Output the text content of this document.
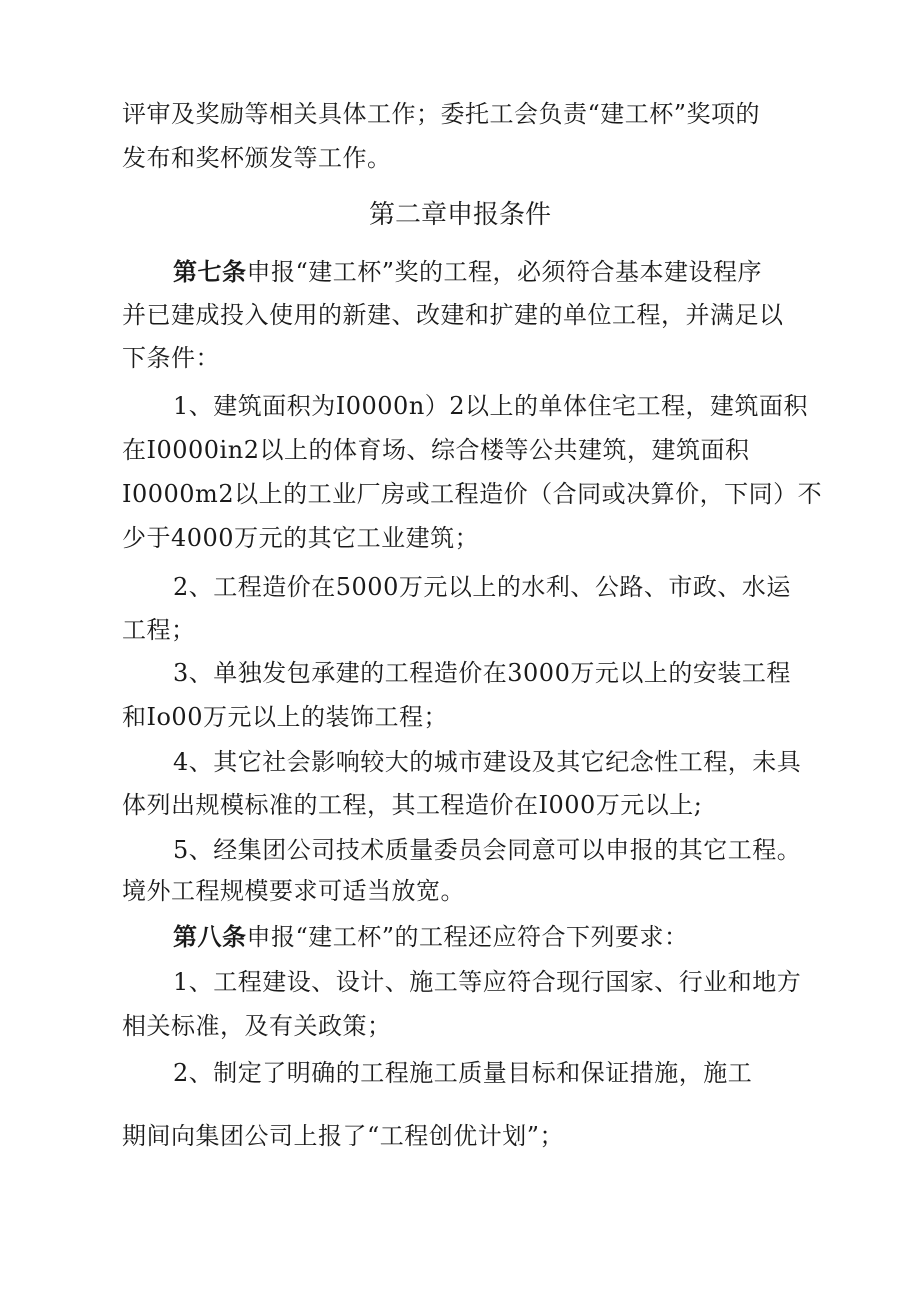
评审及奖励等相关具体工作；委托工会负责“建工杯”奖项的
发布和奖杯颁发等工作。
第二章申报条件
第七条申报“建工杯”奖的工程，必须符合基本建设程序
并已建成投入使用的新建、改建和扩建的单位工程，并满足以
下条件：
1、建筑面积为I0000n）2以上的单体住宅工程，建筑面积
在I0000in2以上的体育场、综合楼等公共建筑，建筑面积
I0000m2以上的工业厂房或工程造价（合同或决算价，下同）不
少于4000万元的其它工业建筑；
2、工程造价在5000万元以上的水利、公路、市政、水运
工程；
3、单独发包承建的工程造价在3000万元以上的安装工程
和Io00万元以上的装饰工程；
4、其它社会影响较大的城市建设及其它纪念性工程，未具
体列出规模标准的工程，其工程造价在I000万元以上;
5、经集团公司技术质量委员会同意可以申报的其它工程。
境外工程规模要求可适当放宽。
第八条申报“建工杯”的工程还应符合下列要求：
1、工程建设、设计、施工等应符合现行国家、行业和地方
相关标准，及有关政策；
2、制定了明确的工程施工质量目标和保证措施，施工
期间向集团公司上报了“工程创优计划”；
